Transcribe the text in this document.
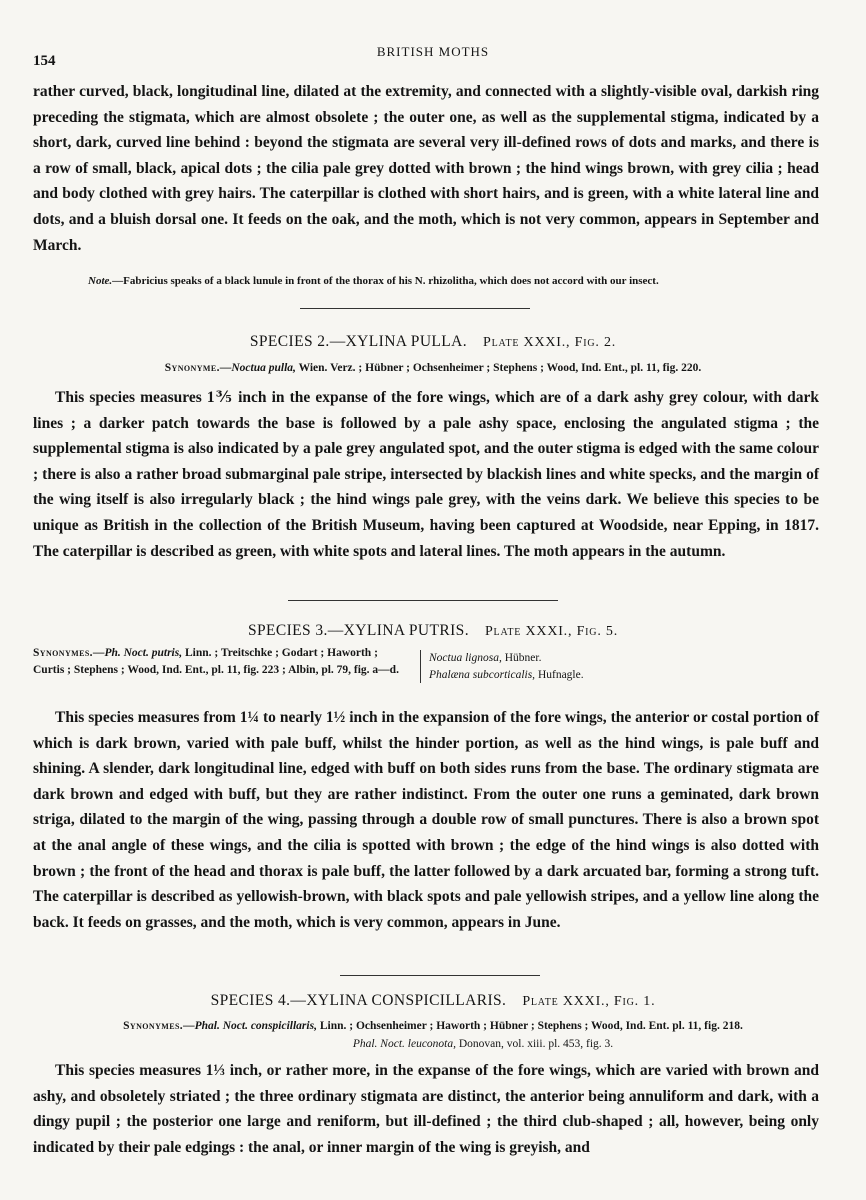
154
BRITISH MOTHS

rather curved, black, longitudinal line, dilated at the extremity, and connected with a slightly-visible oval, darkish ring preceding the stigmata, which are almost obsolete ; the outer one, as well as the supplemental stigma, indicated by a short, dark, curved line behind : beyond the stigmata are several very ill-defined rows of dots and marks, and there is a row of small, black, apical dots ; the cilia pale grey dotted with brown ; the hind wings brown, with grey cilia ; head and body clothed with grey hairs. The caterpillar is clothed with short hairs, and is green, with a white lateral line and dots, and a bluish dorsal one. It feeds on the oak, and the moth, which is not very common, appears in September and March.

Note.—Fabricius speaks of a black lunule in front of the thorax of his N. rhizolitha, which does not accord with our insect.
SPECIES 2.—XYLINA PULLA. Plate XXXI., Fig. 2.
Synonyme.—Noctua pulla, Wien. Verz. ; Hübner ; Ochsenheimer ; Stephens ; Wood, Ind. Ent., pl. 11, fig. 220.

This species measures 1⅗ inch in the expanse of the fore wings, which are of a dark ashy grey colour, with dark lines ; a darker patch towards the base is followed by a pale ashy space, enclosing the angulated stigma ; the supplemental stigma is also indicated by a pale grey angulated spot, and the outer stigma is edged with the same colour ; there is also a rather broad submarginal pale stripe, intersected by blackish lines and white specks, and the margin of the wing itself is also irregularly black ; the hind wings pale grey, with the veins dark. We believe this species to be unique as British in the collection of the British Museum, having been captured at Woodside, near Epping, in 1817. The caterpillar is described as green, with white spots and lateral lines. The moth appears in the autumn.

SPECIES 3.—XYLINA PUTRIS. Plate XXXI., Fig. 5.
Synonymes.—Ph. Noct. putris, Linn. ; Treitschke ; Godart ; Haworth ; Curtis ; Stephens ; Wood, Ind. Ent., pl. 11, fig. 223 ; Albin, pl. 79, fig. a—d.
Noctua lignosa, Hübner.
Phalæna subcorticalis, Hufnagle.

This species measures from 1¼ to nearly 1½ inch in the expansion of the fore wings, the anterior or costal portion of which is dark brown, varied with pale buff, whilst the hinder portion, as well as the hind wings, is pale buff and shining. A slender, dark longitudinal line, edged with buff on both sides runs from the base. The ordinary stigmata are dark brown and edged with buff, but they are rather indistinct. From the outer one runs a geminated, dark brown striga, dilated to the margin of the wing, passing through a double row of small punctures. There is also a brown spot at the anal angle of these wings, and the cilia is spotted with brown ; the edge of the hind wings is also dotted with brown ; the front of the head and thorax is pale buff, the latter followed by a dark arcuated bar, forming a strong tuft. The caterpillar is described as yellowish-brown, with black spots and pale yellowish stripes, and a yellow line along the back. It feeds on grasses, and the moth, which is very common, appears in June.

SPECIES 4.—XYLINA CONSPICILLARIS. Plate XXXI., Fig. 1.
Synonymes.—Phal. Noct. conspicillaris, Linn. ; Ochsenheimer ; Haworth ; Hübner ; Stephens ; Wood, Ind. Ent. pl. 11, fig. 218.
Phal. Noct. leuconota, Donovan, vol. xiii. pl. 453, fig. 3.

This species measures 1⅓ inch, or rather more, in the expanse of the fore wings, which are varied with brown and ashy, and obsoletely striated ; the three ordinary stigmata are distinct, the anterior being annuliform and dark, with a dingy pupil ; the posterior one large and reniform, but ill-defined ; the third club-shaped ; all, however, being only indicated by their pale edgings : the anal, or inner margin of the wing is greyish, and
